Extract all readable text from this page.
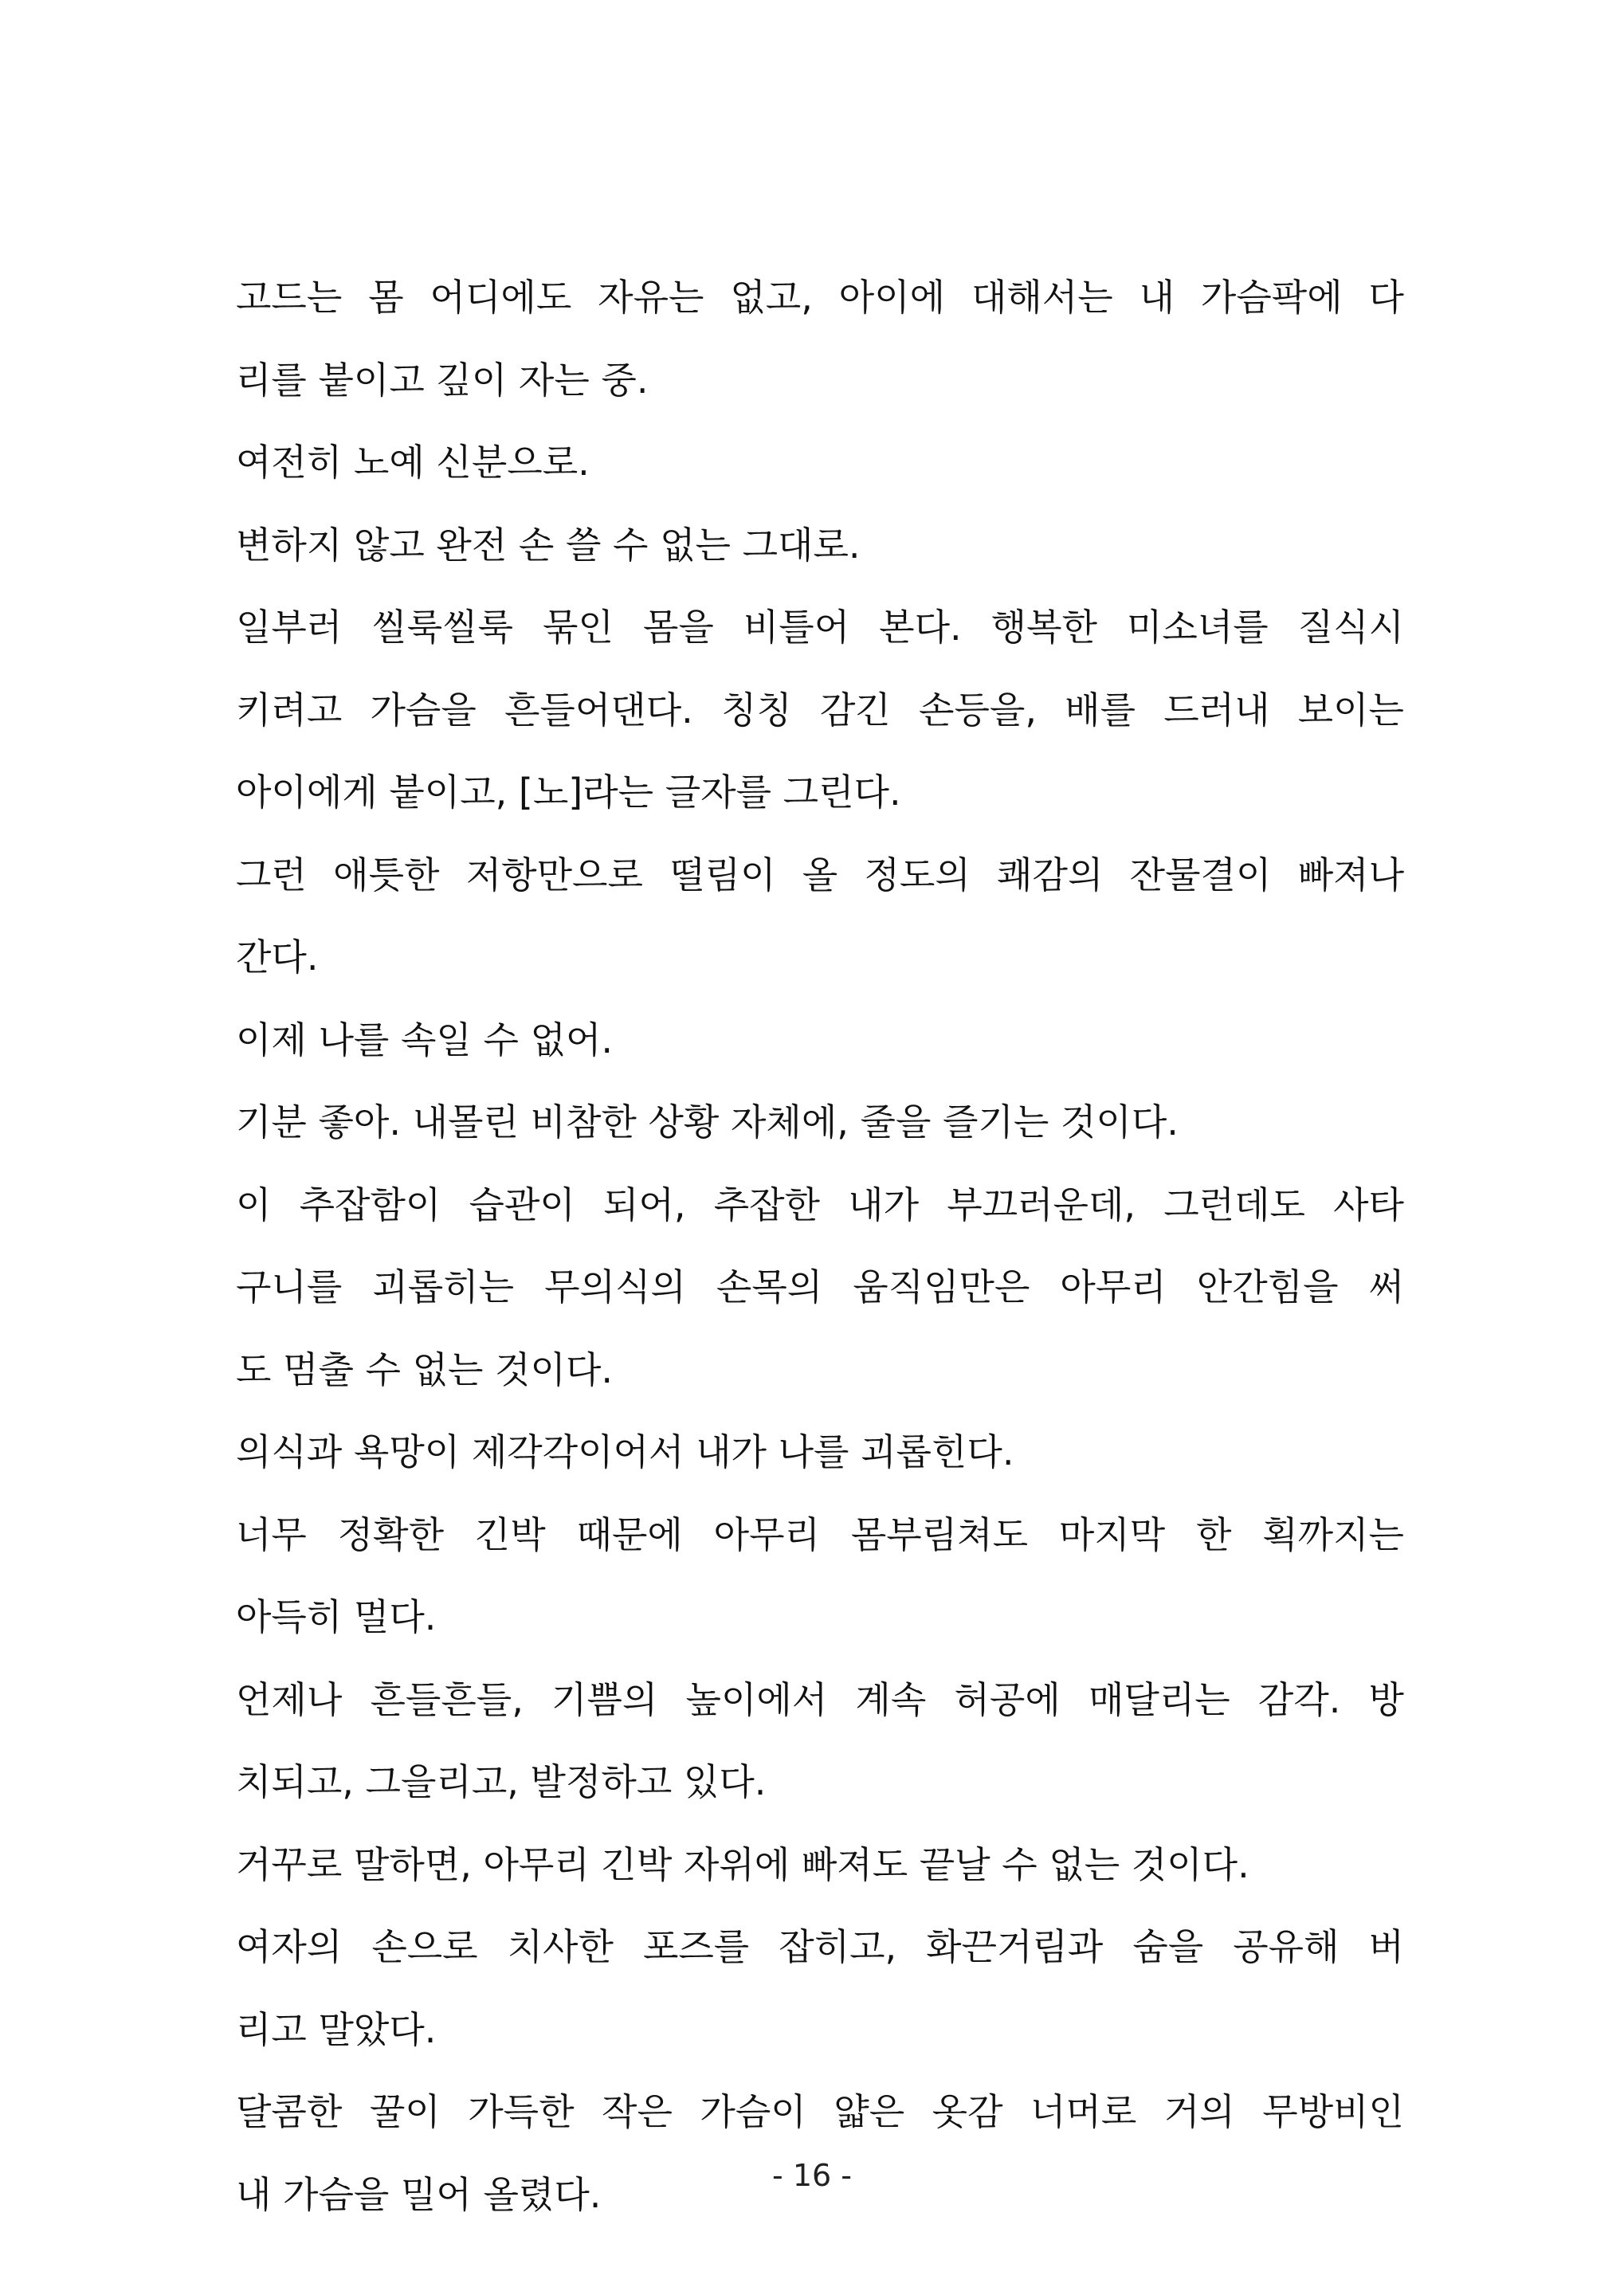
고드는 몸 어디에도 자유는 없고, 아이에 대해서는 내 가슴팍에 다
리를 붙이고 깊이 자는 중.
여전히 노예 신분으로.
변하지 않고 완전 손 쓸 수 없는 그대로.
일부러 씰룩씰룩 묶인 몸을 비틀어 본다. 행복한 미소녀를 질식시
키려고 가슴을 흔들어댄다. 칭칭 감긴 손등을, 배를 드러내 보이는
아이에게 붙이고, [노]라는 글자를 그린다.
그런 애틋한 저항만으로 떨림이 올 정도의 쾌감의 잔물결이 빠져나
간다.
이제 나를 속일 수 없어.
기분 좋아. 내몰린 비참한 상황 자체에, 줄을 즐기는 것이다.
이 추잡함이 습관이 되어, 추잡한 내가 부끄러운데, 그런데도 사타
구니를 괴롭히는 무의식의 손목의 움직임만은 아무리 안간힘을 써
도 멈출 수 없는 것이다.
의식과 욕망이 제각각이어서 내가 나를 괴롭힌다.
너무 정확한 긴박 때문에 아무리 몸부림쳐도 마지막 한 획까지는
아득히 멀다.
언제나 흔들흔들, 기쁨의 높이에서 계속 허공에 매달리는 감각. 방
치되고, 그을리고, 발정하고 있다.
거꾸로 말하면, 아무리 긴박 자위에 빠져도 끝날 수 없는 것이다.
여자의 손으로 치사한 포즈를 잡히고, 화끈거림과 숨을 공유해 버
리고 말았다.
달콤한 꿀이 가득한 작은 가슴이 얇은 옷감 너머로 거의 무방비인
내 가슴을 밀어 올렸다.	- 16 -
